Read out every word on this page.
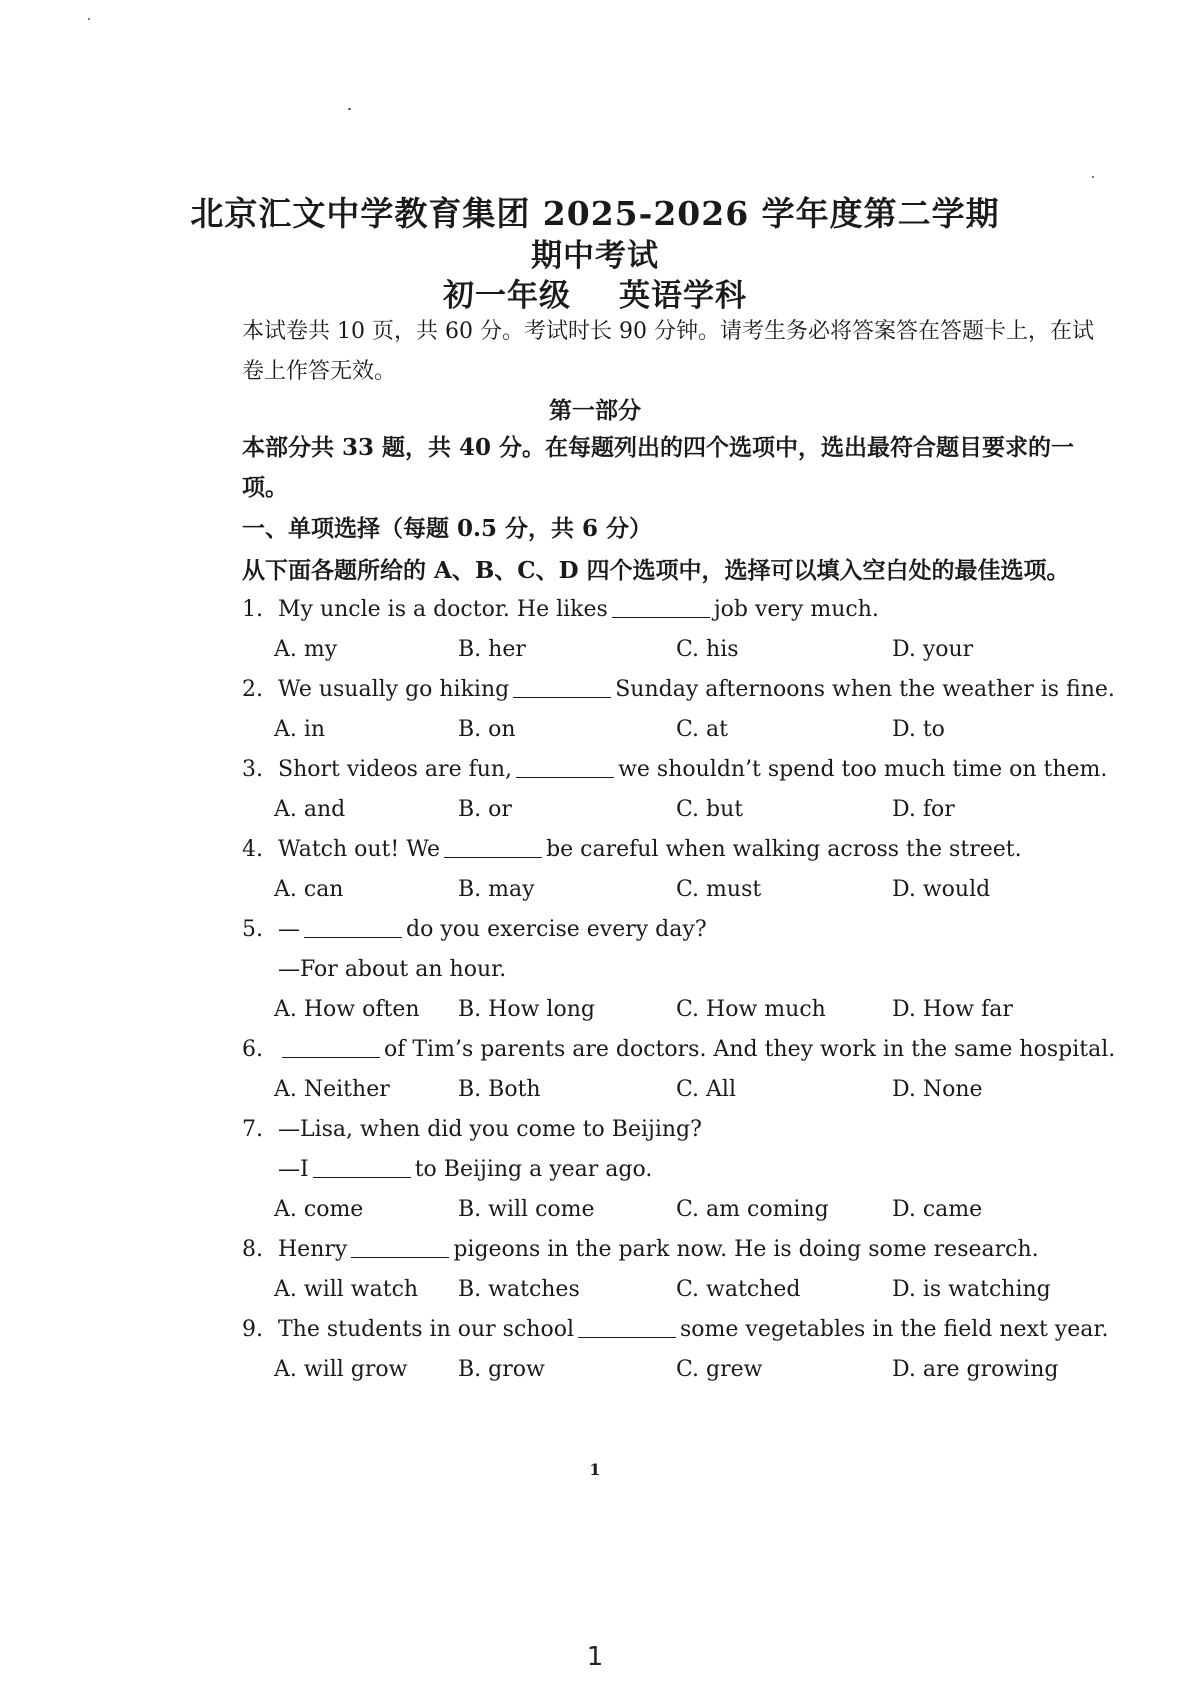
北京汇文中学教育集团 2025-2026 学年度第二学期
期中考试
初一年级 英语学科
本试卷共 10 页，共 60 分。考试时长 90 分钟。请考生务必将答案答在答题卡上，在试卷上作答无效。
第一部分
本部分共 33 题，共 40 分。在每题列出的四个选项中，选出最符合题目要求的一项。
一、单项选择（每题 0.5 分，共 6 分）
从下面各题所给的 A、B、C、D 四个选项中，选择可以填入空白处的最佳选项。
1. My uncle is a doctor. He likes	job very much.
A. my	B. her	C. his	D. your
2. We usually go hiking	Sunday afternoons when the weather is fine.
A. in	B. on	C. at	D. to
3. Short videos are fun,	we shouldn’t spend too much time on them.
A. and	B. or	C. but	D. for
4. Watch out! We	be careful when walking across the street.
A. can	B. may	C. must	D. would
5. —	do you exercise every day?
—For about an hour.
A. How often B. How long	C. How much	D. How far
6.	of Tim’s parents are doctors. And they work in the same hospital.
A. Neither	B. Both	C. All	D. None
7. —Lisa, when did you come to Beijing?
—I	to Beijing a year ago.
A. come	B. will come	C. am coming	D. came
8. Henry	pigeons in the park now. He is doing some research.
A. will watch B. watches	C. watched	D. is watching
9. The students in our school	some vegetables in the field next year.
A. will grow B. grow	C. grew	D. are growing
1
1
